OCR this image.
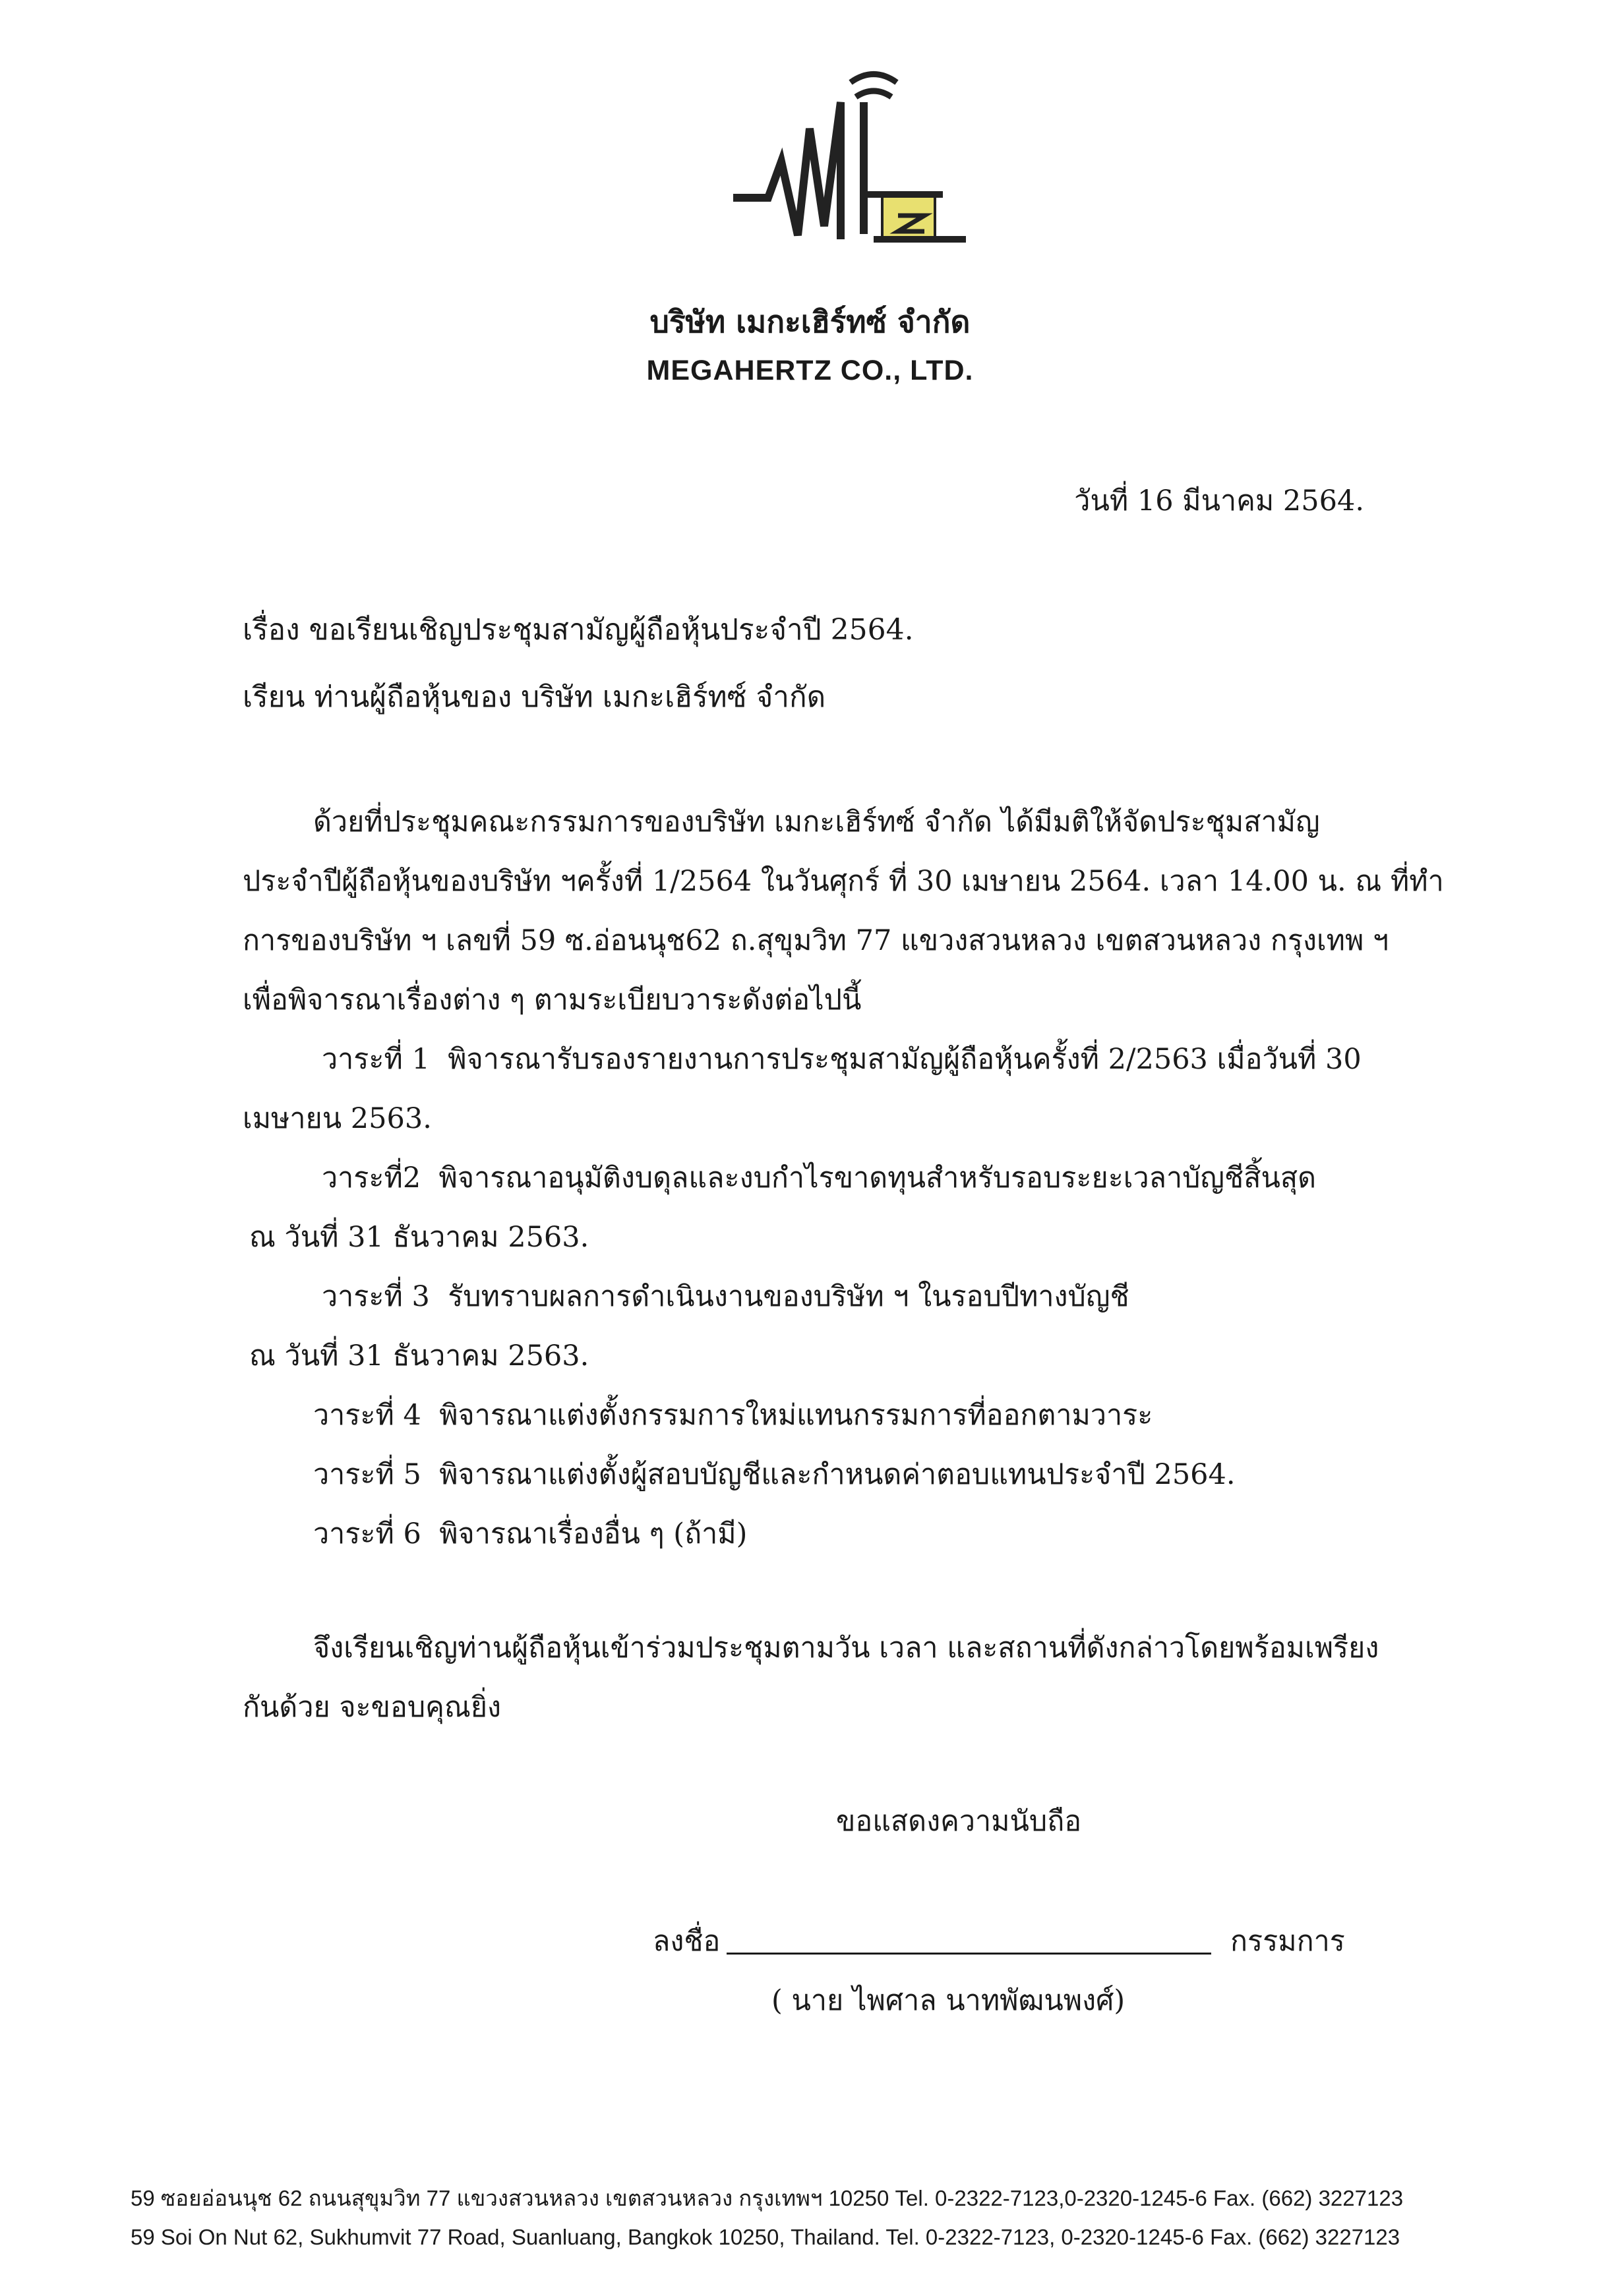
บริษัท เมกะเฮิร์ทซ์ จำกัด
MEGAHERTZ CO., LTD.
วันที่ 16 มีนาคม 2564.
เรื่อง ขอเรียนเชิญประชุมสามัญผู้ถือหุ้นประจำปี 2564.
เรียน ท่านผู้ถือหุ้นของ บริษัท เมกะเฮิร์ทซ์ จำกัด
ด้วยที่ประชุมคณะกรรมการของบริษัท เมกะเฮิร์ทซ์ จำกัด ได้มีมติให้จัดประชุมสามัญ
ประจำปีผู้ถือหุ้นของบริษัท ฯครั้งที่ 1/2564 ในวันศุกร์ ที่ 30 เมษายน 2564. เวลา 14.00 น. ณ ที่ทำ
การของบริษัท ฯ เลขที่ 59 ซ.อ่อนนุช62 ถ.สุขุมวิท 77 แขวงสวนหลวง เขตสวนหลวง กรุงเทพ ฯ
เพื่อพิจารณาเรื่องต่าง ๆ ตามระเบียบวาระดังต่อไปนี้
วาระที่ 1 พิจารณารับรองรายงานการประชุมสามัญผู้ถือหุ้นครั้งที่ 2/2563 เมื่อวันที่ 30
เมษายน 2563.
วาระที่2 พิจารณาอนุมัติงบดุลและงบกำไรขาดทุนสำหรับรอบระยะเวลาบัญชีสิ้นสุด
ณ วันที่ 31 ธันวาคม 2563.
วาระที่ 3 รับทราบผลการดำเนินงานของบริษัท ฯ ในรอบปีทางบัญชี
ณ วันที่ 31 ธันวาคม 2563.
วาระที่ 4 พิจารณาแต่งตั้งกรรมการใหม่แทนกรรมการที่ออกตามวาระ
วาระที่ 5 พิจารณาแต่งตั้งผู้สอบบัญชีและกำหนดค่าตอบแทนประจำปี 2564.
วาระที่ 6 พิจารณาเรื่องอื่น ๆ (ถ้ามี)
จึงเรียนเชิญท่านผู้ถือหุ้นเข้าร่วมประชุมตามวัน เวลา และสถานที่ดังกล่าวโดยพร้อมเพรียง
กันด้วย จะขอบคุณยิ่ง
ขอแสดงความนับถือ
ลงชื่อ	กรรมการ
( นาย ไพศาล นาทพัฒนพงศ์)
59 ซอยอ่อนนุช 62 ถนนสุขุมวิท 77 แขวงสวนหลวง เขตสวนหลวง กรุงเทพฯ 10250 Tel. 0-2322-7123,0-2320-1245-6 Fax. (662) 3227123
59 Soi On Nut 62, Sukhumvit 77 Road, Suanluang, Bangkok 10250, Thailand. Tel. 0-2322-7123, 0-2320-1245-6 Fax. (662) 3227123
